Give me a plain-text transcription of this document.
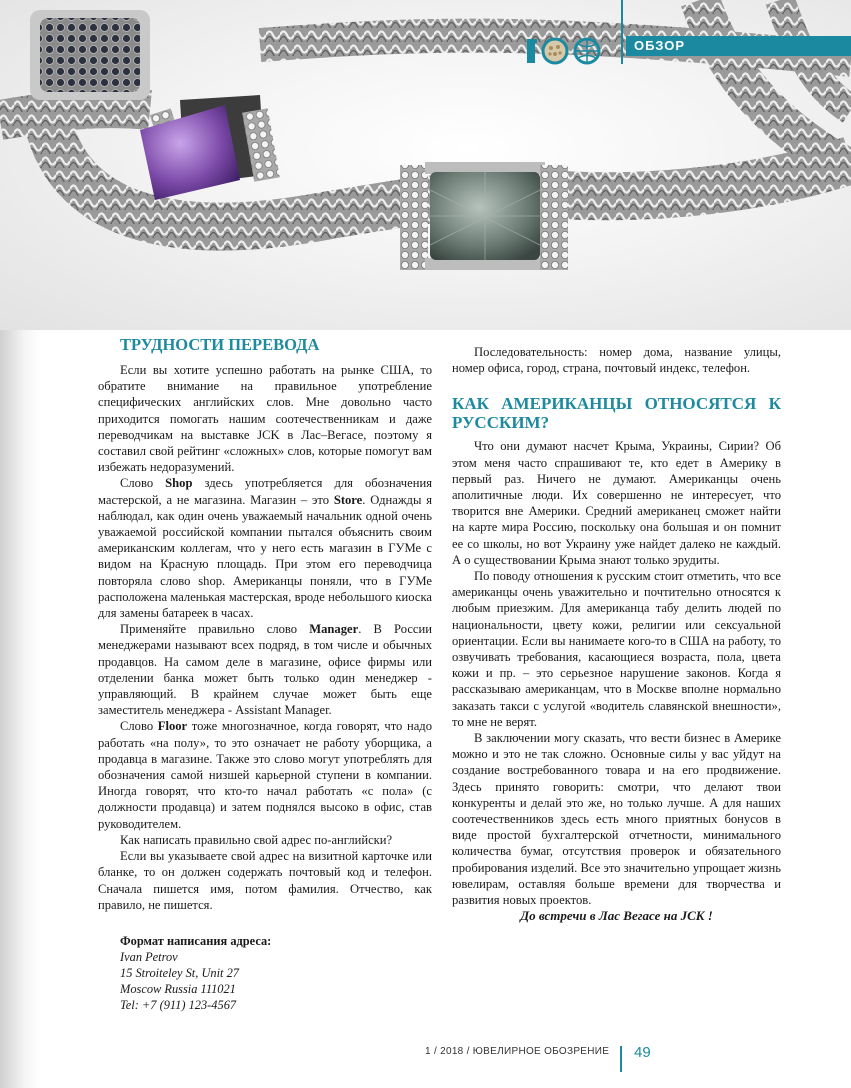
ОБЗОР
ТРУДНОСТИ ПЕРЕВОДА

Если вы хотите успешно работать на рынке США, то обратите внимание на правильное употребление специфических английских слов. Мне довольно часто приходится помогать нашим соотечественникам и даже переводчикам на выставке JCK в Лас–Вегасе, поэтому я составил свой рейтинг «сложных» слов, которые помогут вам избежать недоразумений.

Слово Shop здесь употребляется для обозначения мастерской, а не магазина. Магазин – это Store. Однажды я наблюдал, как один очень уважаемый начальник одной очень уважаемой российской компании пытался объяснить своим американским коллегам, что у него есть магазин в ГУМе с видом на Красную площадь. При этом его переводчица повторяла слово shop. Американцы поняли, что в ГУМе расположена маленькая мастерская, вроде небольшого киоска для замены батареек в часах.

Применяйте правильно слово Manager. В России менеджерами называют всех подряд, в том числе и обычных продавцов. На самом деле в магазине, офисе фирмы или отделении банка может быть только один менеджер - управляющий. В крайнем случае может быть еще заместитель менеджера - Assistant Manager.

Слово Floor тоже многозначное, когда говорят, что надо работать «на полу», то это означает не работу уборщика, а продавца в магазине. Также это слово могут употреблять для обозначения самой низшей карьерной ступени в компании. Иногда говорят, что кто-то начал работать «с пола» (с должности продавца) и затем поднялся высоко в офис, став руководителем.

Как написать правильно свой адрес по-английски?

Если вы указываете свой адрес на визитной карточке или бланке, то он должен содержать почтовый код и телефон. Сначала пишется имя, потом фамилия. Отчество, как правило, не пишется.

Формат написания адреса:
Ivan Petrov
15 Stroiteley St, Unit 27
Moscow Russia 111021
Tel: +7 (911) 123-4567

Последовательность: номер дома, название улицы, номер офиса, город, страна, почтовый индекс, телефон.

КАК АМЕРИКАНЦЫ ОТНОСЯТСЯ К РУССКИМ?

Что они думают насчет Крыма, Украины, Сирии? Об этом меня часто спрашивают те, кто едет в Америку в первый раз. Ничего не думают. Американцы очень аполитичные люди. Их совершенно не интересует, что творится вне Америки. Средний американец сможет найти на карте мира Россию, поскольку она большая и он помнит ее со школы, но вот Украину уже найдет далеко не каждый. А о существовании Крыма знают только эрудиты.

По поводу отношения к русским стоит отметить, что все американцы очень уважительно и почтительно относятся к любым приезжим. Для американца табу делить людей по национальности, цвету кожи, религии или сексуальной ориентации. Если вы нанимаете кого-то в США на работу, то озвучивать требования, касающиеся возраста, пола, цвета кожи и пр. – это серьезное нарушение законов. Когда я рассказываю американцам, что в Москве вполне нормально заказать такси с услугой «водитель славянской внешности», то мне не верят.

В заключении могу сказать, что вести бизнес в Америке можно и это не так сложно. Основные силы у вас уйдут на создание востребованного товара и на его продвижение. Здесь принято говорить: смотри, что делают твои конкуренты и делай это же, но только лучше. А для наших соотечественников здесь есть много приятных бонусов в виде простой бухгалтерской отчетности, минимального количества бумаг, отсутствия проверок и обязательного пробирования изделий. Все это значительно упрощает жизнь ювелирам, оставляя больше времени для творчества и развития новых проектов.

До встречи в Лас Вегасе на JCK !

1 / 2018 / ЮВЕЛИРНОЕ ОБОЗРЕНИЕ 49
